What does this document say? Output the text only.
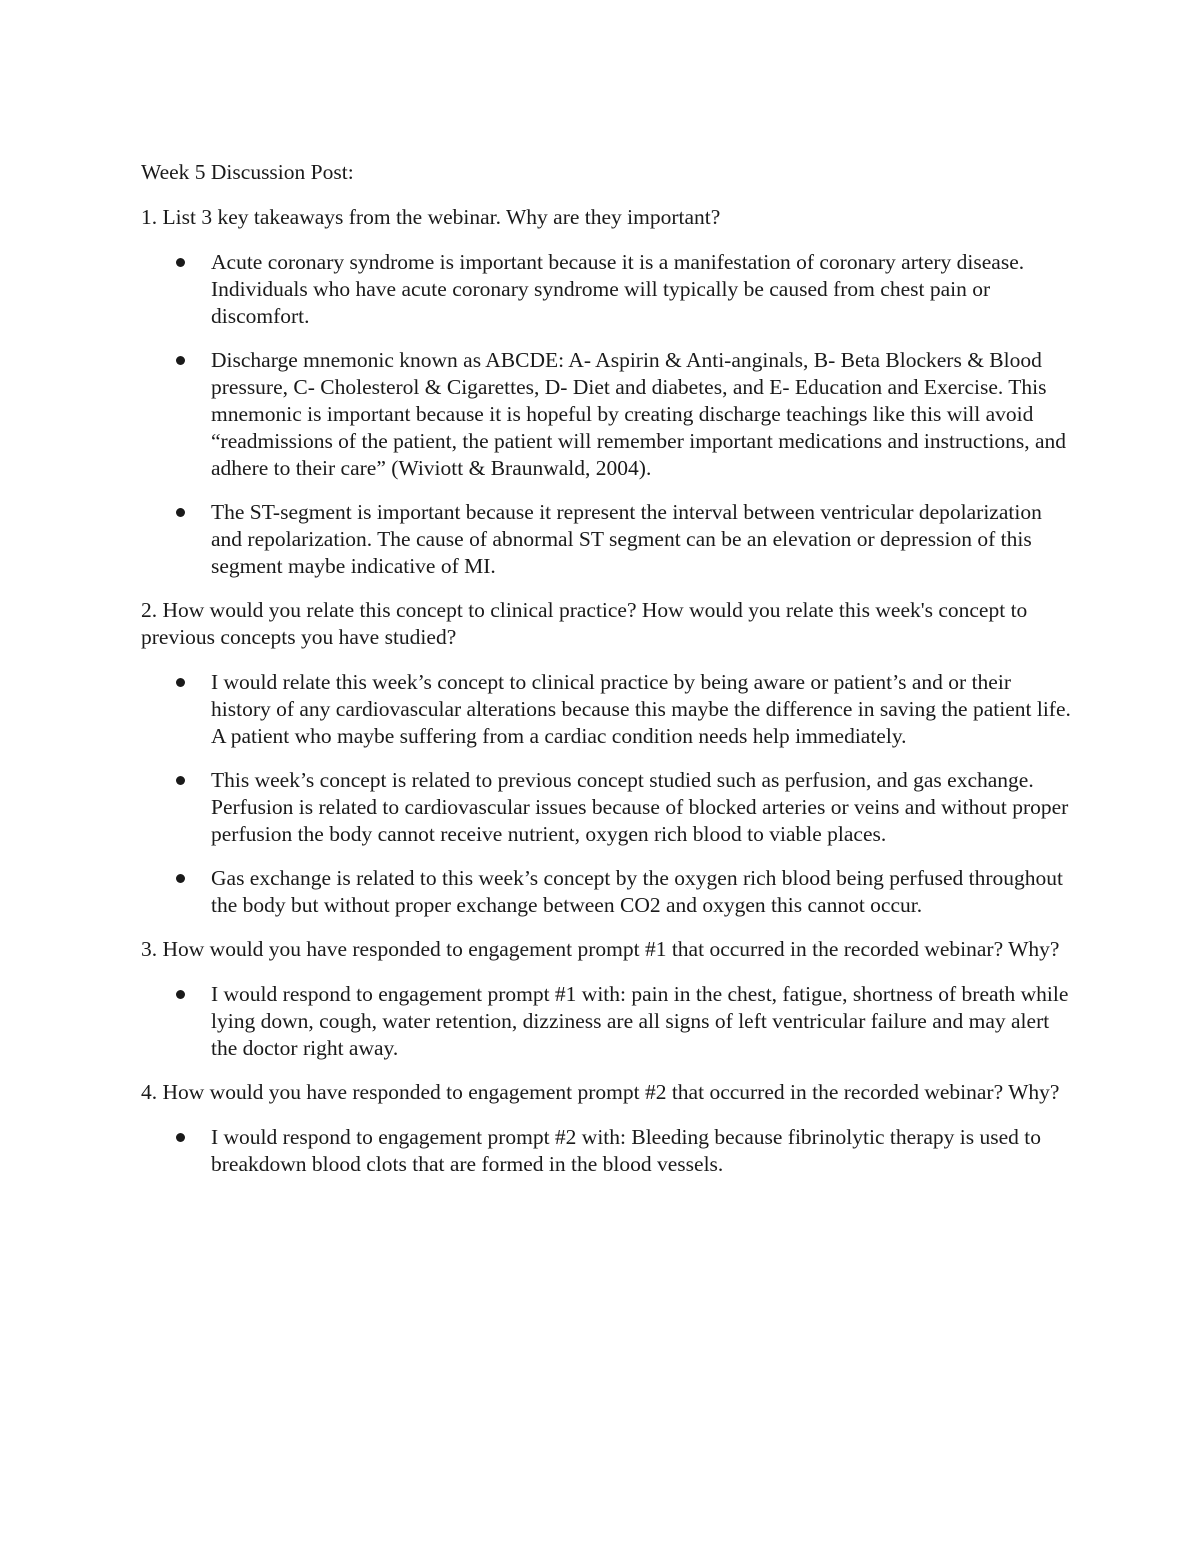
Week 5 Discussion Post:

1. List 3 key takeaways from the webinar. Why are they important?

Acute coronary syndrome is important because it is a manifestation of coronary artery disease. Individuals who have acute coronary syndrome will typically be caused from chest pain or discomfort.
Discharge mnemonic known as ABCDE: A- Aspirin & Anti-anginals, B- Beta Blockers & Blood pressure, C- Cholesterol & Cigarettes, D- Diet and diabetes, and E- Education and Exercise. This mnemonic is important because it is hopeful by creating discharge teachings like this will avoid “readmissions of the patient, the patient will remember important medications and instructions, and adhere to their care” (Wiviott & Braunwald, 2004).
The ST-segment is important because it represent the interval between ventricular depolarization and repolarization. The cause of abnormal ST segment can be an elevation or depression of this segment maybe indicative of MI.

2. How would you relate this concept to clinical practice? How would you relate this week's concept to previous concepts you have studied?

I would relate this week’s concept to clinical practice by being aware or patient’s and or their history of any cardiovascular alterations because this maybe the difference in saving the patient life. A patient who maybe suffering from a cardiac condition needs help immediately.
This week’s concept is related to previous concept studied such as perfusion, and gas exchange. Perfusion is related to cardiovascular issues because of blocked arteries or veins and without proper perfusion the body cannot receive nutrient, oxygen rich blood to viable places.
Gas exchange is related to this week’s concept by the oxygen rich blood being perfused throughout the body but without proper exchange between CO2 and oxygen this cannot occur.

3. How would you have responded to engagement prompt #1 that occurred in the recorded webinar? Why?

I would respond to engagement prompt #1 with: pain in the chest, fatigue, shortness of breath while lying down, cough, water retention, dizziness are all signs of left ventricular failure and may alert the doctor right away.

4. How would you have responded to engagement prompt #2 that occurred in the recorded webinar? Why?

I would respond to engagement prompt #2 with: Bleeding because fibrinolytic therapy is used to breakdown blood clots that are formed in the blood vessels.
